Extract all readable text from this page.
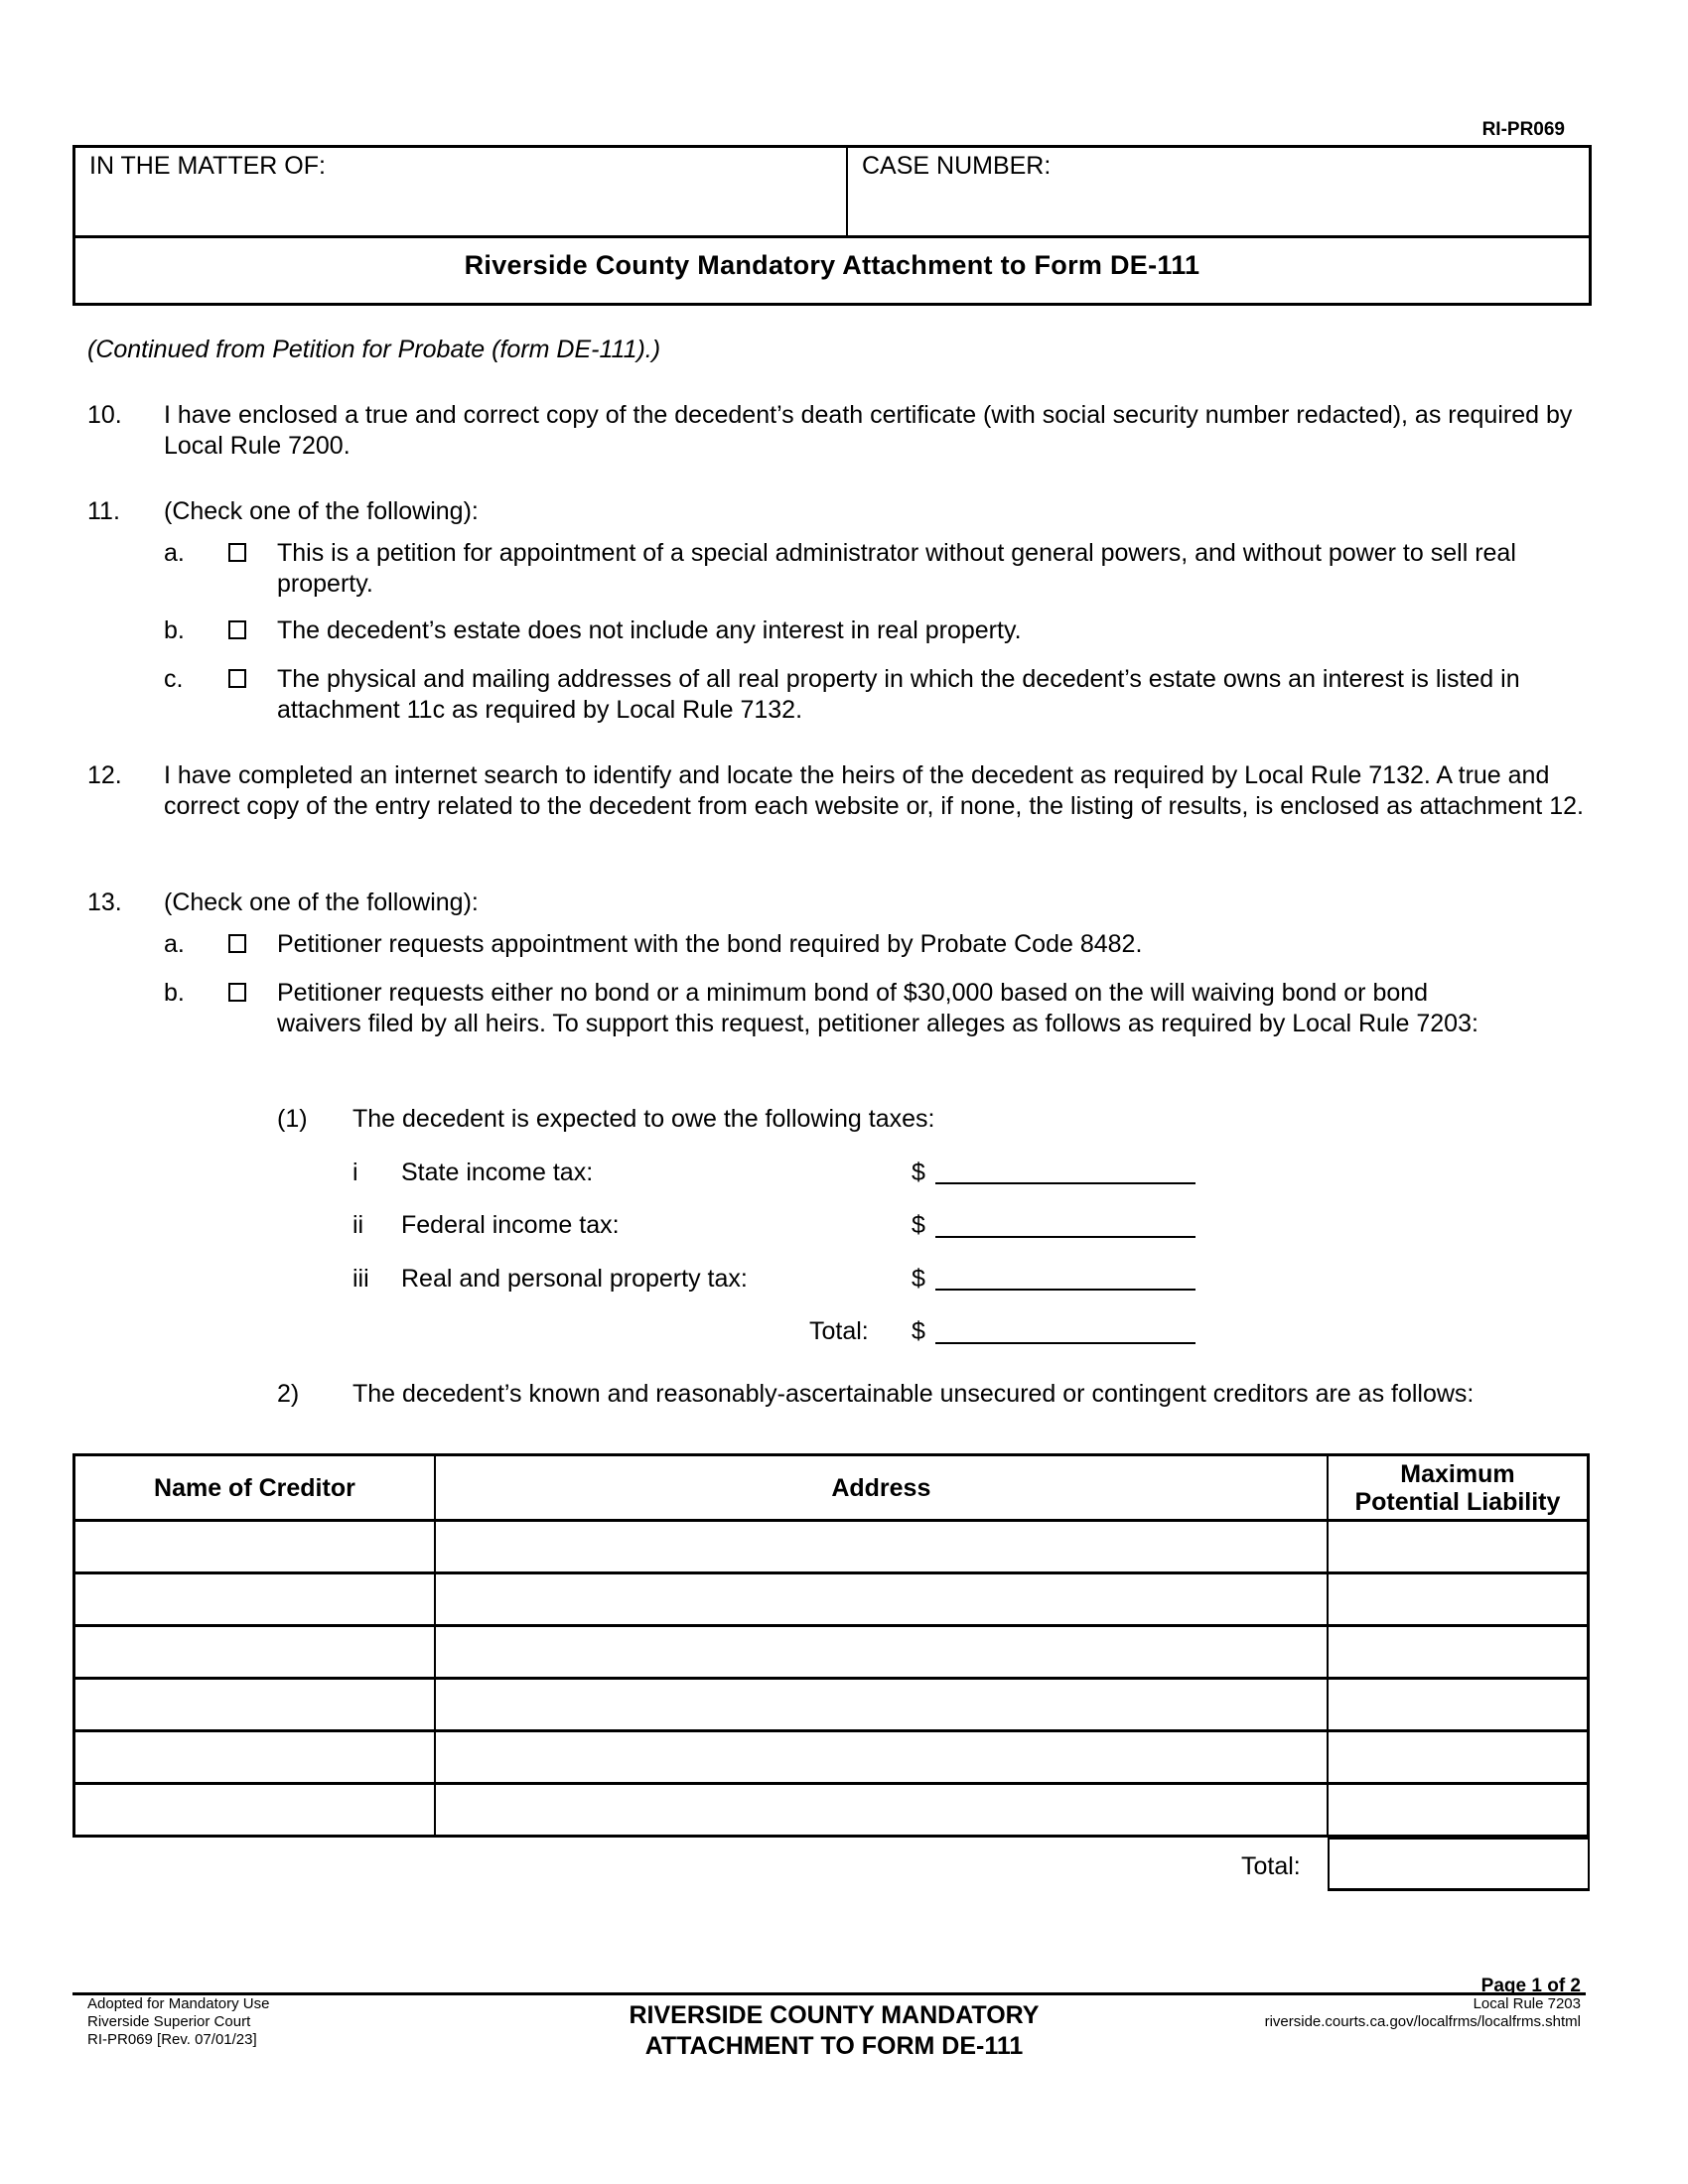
RI-PR069
IN THE MATTER OF:	CASE NUMBER:
Riverside County Mandatory Attachment to Form DE-111
(Continued from Petition for Probate (form DE-111).)
10. I have enclosed a true and correct copy of the decedent’s death certificate (with social security number redacted), as required by Local Rule 7200.
11. (Check one of the following):
a.	This is a petition for appointment of a special administrator without general powers, and without power to sell real property.
b.	The decedent’s estate does not include any interest in real property.
c.	The physical and mailing addresses of all real property in which the decedent’s estate owns an interest is listed in attachment 11c as required by Local Rule 7132.
12. I have completed an internet search to identify and locate the heirs of the decedent as required by Local Rule 7132. A true and correct copy of the entry related to the decedent from each website or, if none, the listing of results, is enclosed as attachment 12.
13. (Check one of the following):
a.	Petitioner requests appointment with the bond required by Probate Code 8482.
b.	Petitioner requests either no bond or a minimum bond of $30,000 based on the will waiving bond or bond waivers filed by all heirs. To support this request, petitioner alleges as follows as required by Local Rule 7203:
(1) The decedent is expected to owe the following taxes:
i State income tax:	$
ii Federal income tax:	$
iii Real and personal property tax:	$
Total: $
2) The decedent’s known and reasonably-ascertainable unsecured or contingent creditors are as follows:
Name of Creditor	Address	Maximum
Potential Liability

Total:
Page 1 of 2
Adopted for Mandatory Use
Riverside Superior Court
RI-PR069 [Rev. 07/01/23]
RIVERSIDE COUNTY MANDATORY
ATTACHMENT TO FORM DE-111
Local Rule 7203
riverside.courts.ca.gov/localfrms/localfrms.shtml
